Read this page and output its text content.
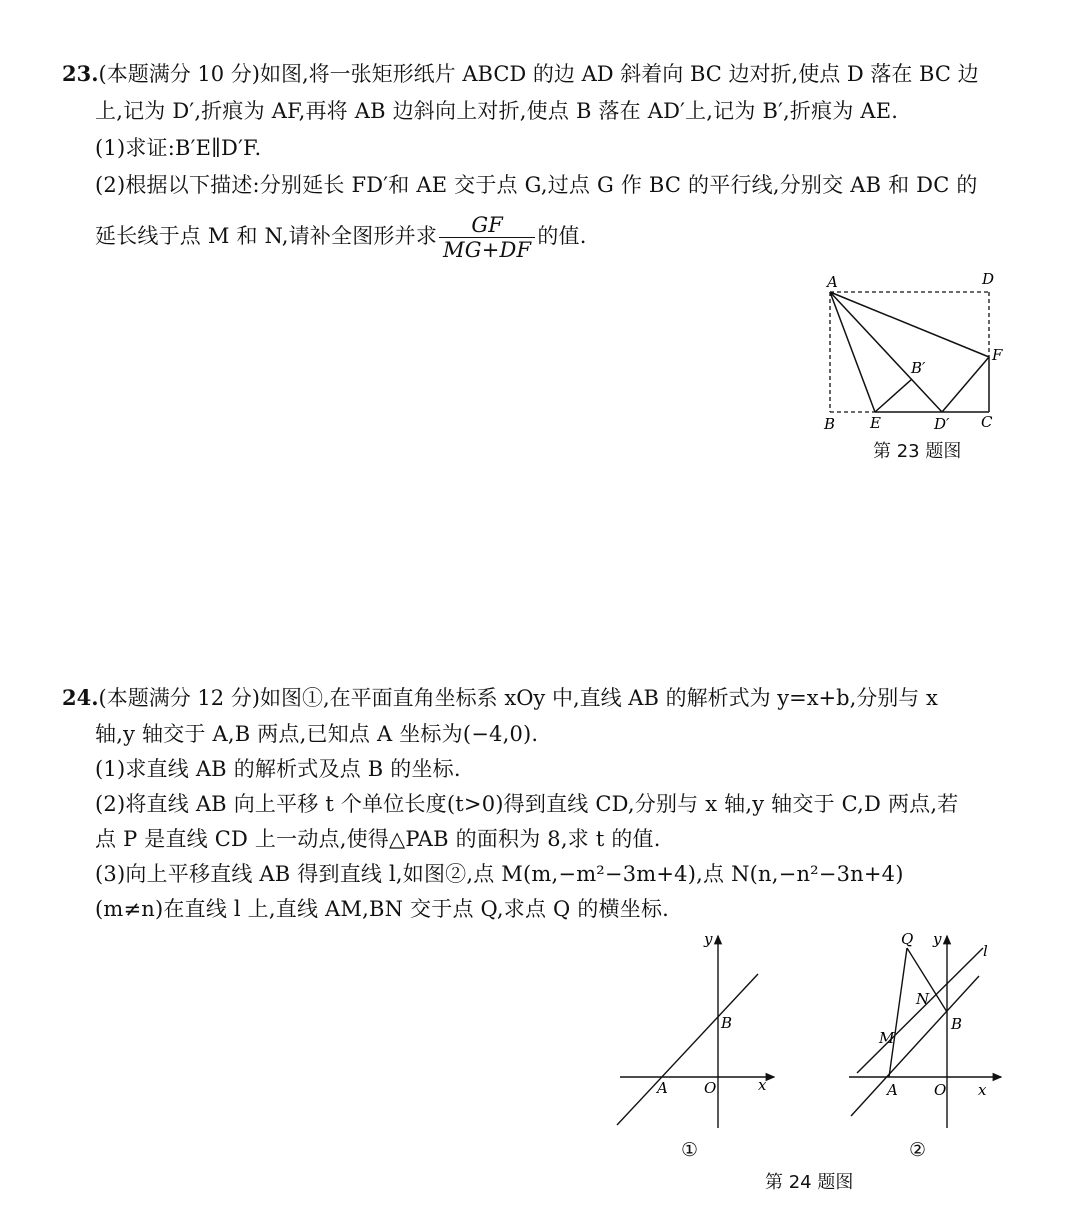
23.(本题满分 10 分)如图,将一张矩形纸片 ABCD 的边 AD 斜着向 BC 边对折,使点 D 落在 BC 边
上,记为 D′,折痕为 AF,再将 AB 边斜向上对折,使点 B 落在 AD′上,记为 B′,折痕为 AE.
(1)求证:B′E∥D′F.
(2)根据以下描述:分别延长 FD′和 AE 交于点 G,过点 G 作 BC 的平行线,分别交 AB 和 DC 的
延长线于点 M 和 N,请补全图形并求 $\frac{GF}{MG+DF}$ 的值.
A	D
F
B′
B E	D′ C
第 23 题图
24.(本题满分 12 分)如图①,在平面直角坐标系 xOy 中,直线 AB 的解析式为 y=x+b,分别与 x
轴,y 轴交于 A,B 两点,已知点 A 坐标为(−4,0).
(1)求直线 AB 的解析式及点 B 的坐标.
(2)将直线 AB 向上平移 t 个单位长度(t>0)得到直线 CD,分别与 x 轴,y 轴交于 C,D 两点,若
点 P 是直线 CD 上一动点,使得△PAB 的面积为 8,求 t 的值.
(3)向上平移直线 AB 得到直线 l,如图②,点 M(m,−m²−3m+4),点 N(n,−n²−3n+4)
(m≠n)在直线 l 上,直线 AM,BN 交于点 Q,求点 Q 的横坐标.
y
x
A O
B
①
Q y
l
N
M
B
A O x
②
第 24 题图
